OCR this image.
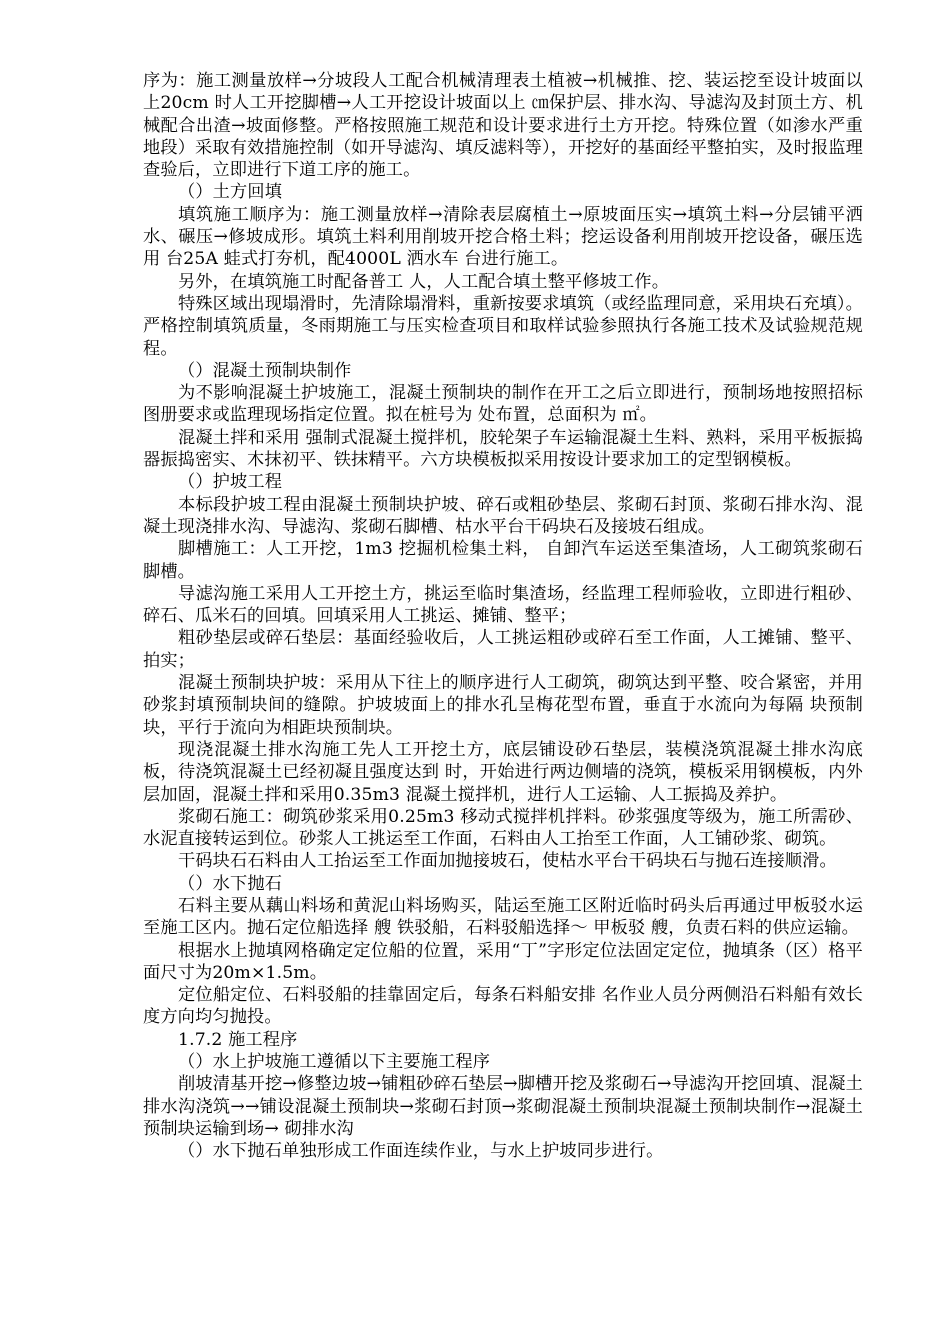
序为：施工测量放样→分坡段人工配合机械清理表土植被→机械推、挖、装运挖至设计坡面以上20cm 时人工开挖脚槽→人工开挖设计坡面以上 ㎝保护层、排水沟、导滤沟及封顶土方、机械配合出渣→坡面修整。严格按照施工规范和设计要求进行土方开挖。特殊位置（如渗水严重地段）采取有效措施控制（如开导滤沟、填反滤料等），开挖好的基面经平整拍实，及时报监理查验后，立即进行下道工序的施工。

（）土方回填

填筑施工顺序为：施工测量放样→清除表层腐植土→原坡面压实→填筑土料→分层铺平洒水、碾压→修坡成形。填筑土料利用削坡开挖合格土料；挖运设备利用削坡开挖设备，碾压选用 台25A 蛙式打夯机，配4000L 洒水车 台进行施工。

另外，在填筑施工时配备普工 人，人工配合填土整平修坡工作。

特殊区域出现塌滑时，先清除塌滑料，重新按要求填筑（或经监理同意，采用块石充填）。严格控制填筑质量，冬雨期施工与压实检查项目和取样试验参照执行各施工技术及试验规范规程。

（）混凝土预制块制作

为不影响混凝土护坡施工，混凝土预制块的制作在开工之后立即进行，预制场地按照招标图册要求或监理现场指定位置。拟在桩号为 处布置，总面积为 ㎡。

混凝土拌和采用 强制式混凝土搅拌机，胶轮架子车运输混凝土生料、熟料，采用平板振捣器振捣密实、木抹初平、铁抹精平。六方块模板拟采用按设计要求加工的定型钢模板。

（）护坡工程

本标段护坡工程由混凝土预制块护坡、碎石或粗砂垫层、浆砌石封顶、浆砌石排水沟、混凝土现浇排水沟、导滤沟、浆砌石脚槽、枯水平台干码块石及接坡石组成。

脚槽施工：人工开挖，1m3 挖掘机检集土料， 自卸汽车运送至集渣场，人工砌筑浆砌石脚槽。

导滤沟施工采用人工开挖土方，挑运至临时集渣场，经监理工程师验收，立即进行粗砂、碎石、瓜米石的回填。回填采用人工挑运、摊铺、整平；

粗砂垫层或碎石垫层：基面经验收后，人工挑运粗砂或碎石至工作面，人工摊铺、整平、拍实；

混凝土预制块护坡：采用从下往上的顺序进行人工砌筑，砌筑达到平整、咬合紧密，并用砂浆封填预制块间的缝隙。护坡坡面上的排水孔呈梅花型布置，垂直于水流向为每隔 块预制块，平行于流向为相距块预制块。

现浇混凝土排水沟施工先人工开挖土方，底层铺设砂石垫层，装模浇筑混凝土排水沟底板，待浇筑混凝土已经初凝且强度达到 时，开始进行两边侧墙的浇筑，模板采用钢模板，内外层加固，混凝土拌和采用0.35m3 混凝土搅拌机，进行人工运输、人工振捣及养护。

浆砌石施工：砌筑砂浆采用0.25m3 移动式搅拌机拌料。砂浆强度等级为，施工所需砂、水泥直接转运到位。砂浆人工挑运至工作面，石料由人工抬至工作面，人工铺砂浆、砌筑。

干码块石石料由人工抬运至工作面加抛接坡石，使枯水平台干码块石与抛石连接顺滑。

（）水下抛石

石料主要从藕山料场和黄泥山料场购买，陆运至施工区附近临时码头后再通过甲板驳水运至施工区内。抛石定位船选择 艘 铁驳船，石料驳船选择～ 甲板驳 艘，负责石料的供应运输。

根据水上抛填网格确定定位船的位置，采用“丁”字形定位法固定定位，抛填条（区）格平面尺寸为20m×1.5m。

定位船定位、石料驳船的挂靠固定后，每条石料船安排 名作业人员分两侧沿石料船有效长度方向均匀抛投。

1.7.2 施工程序

（）水上护坡施工遵循以下主要施工程序

削坡清基开挖→修整边坡→铺粗砂碎石垫层→脚槽开挖及浆砌石→导滤沟开挖回填、混凝土排水沟浇筑→→铺设混凝土预制块→浆砌石封顶→浆砌混凝土预制块混凝土预制块制作→混凝土预制块运输到场→ 砌排水沟

（）水下抛石单独形成工作面连续作业，与水上护坡同步进行。
